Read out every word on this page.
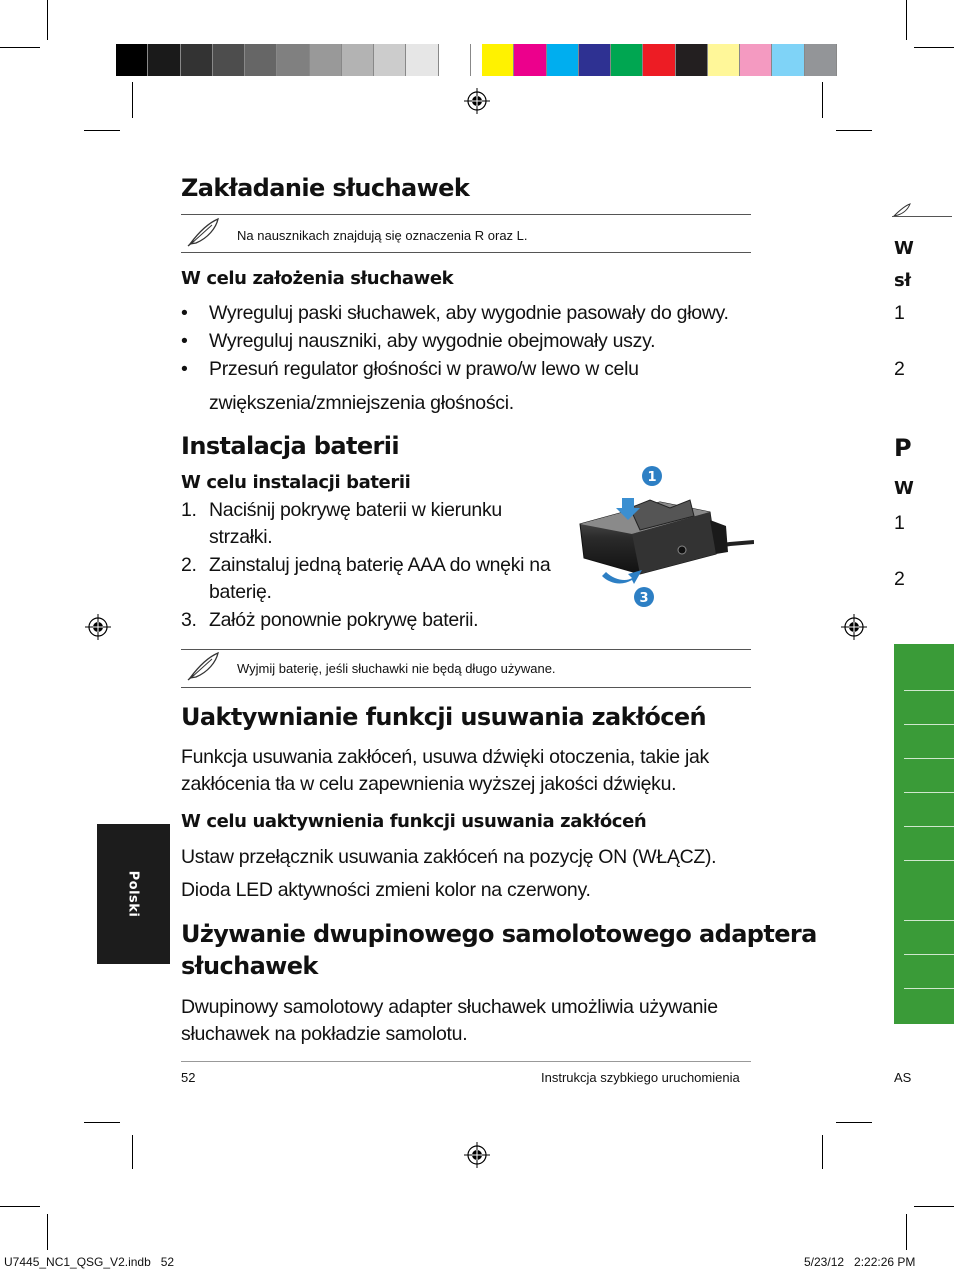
Zakładanie słuchawek
Na nausznikach znajdują się oznaczenia R oraz L.
W celu założenia słuchawek
• Wyreguluj paski słuchawek, aby wygodnie pasowały do głowy.
• Wyreguluj nauszniki, aby wygodnie obejmowały uszy.
• Przesuń regulator głośności w prawo/w lewo w celu
zwiększenia/zmniejszenia głośności.
Instalacja baterii
W celu instalacji baterii
1. Naciśnij pokrywę baterii w kierunku
strzałki.
2. Zainstaluj jedną baterię AAA do wnęki na
baterię.
3. Załóż ponownie pokrywę baterii.
1
3
Wyjmij baterię, jeśli słuchawki nie będą długo używane.
Uaktywnianie funkcji usuwania zakłóceń
Funkcja usuwania zakłóceń, usuwa dźwięki otoczenia, takie jak
zakłócenia tła w celu zapewnienia wyższej jakości dźwięku.
W celu uaktywnienia funkcji usuwania zakłóceń
Ustaw przełącznik usuwania zakłóceń na pozycję ON (WŁĄCZ).
Dioda LED aktywności zmieni kolor na czerwony.
Używanie dwupinowego samolotowego adaptera
słuchawek
Dwupinowy samolotowy adapter słuchawek umożliwia używanie
słuchawek na pokładzie samolotu.
Polski
52	Instrukcja szybkiego uruchomienia
W
sł
1
2
P
W
1
2
AS
U7445_NC1_QSG_V2.indb   52	5/23/12   2:22:26 PM
